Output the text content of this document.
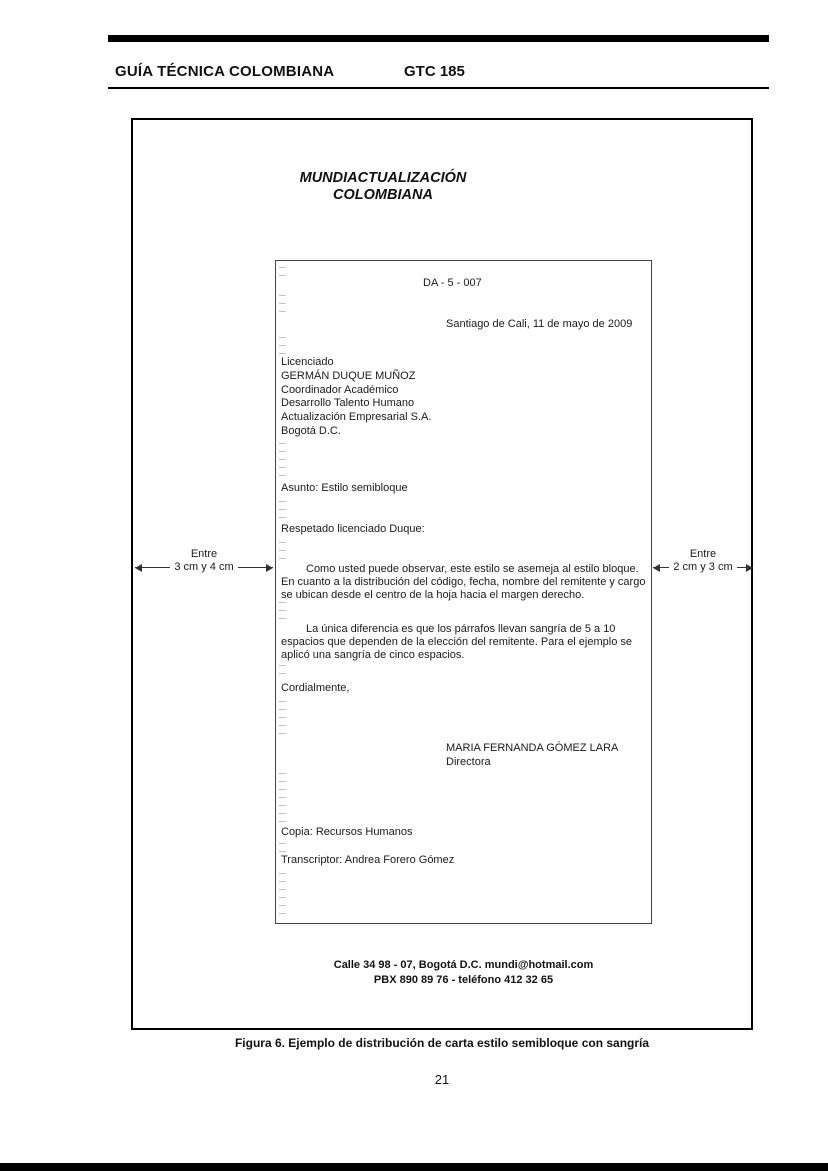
GUÍA TÉCNICA COLOMBIANA	GTC 185
MUNDIACTUALIZACIÓN
COLOMBIANA
DA - 5 - 007
Santiago de Cali, 11 de mayo de 2009
Licenciado
GERMÁN DUQUE MUÑOZ
Coordinador Académico
Desarrollo Talento Humano
Actualización Empresarial S.A.
Bogotá D.C.
Asunto: Estilo semibloque
Respetado licenciado Duque:
Como usted puede observar, este estilo se asemeja al estilo bloque. En cuanto a la distribución del código, fecha, nombre del remitente y cargo se ubican desde el centro de la hoja hacia el margen derecho.
La única diferencia es que los párrafos llevan sangría de 5 a 10 espacios que dependen de la elección del remitente. Para el ejemplo se aplicó una sangría de cinco espacios.
Cordialmente,
MARIA FERNANDA GÓMEZ LARA
Directora
Copia: Recursos Humanos
Transcriptor: Andrea Forero Gómez
Entre
3 cm y 4 cm
Entre
2 cm y 3 cm
Calle 34 98 - 07, Bogotá D.C. mundi@hotmail.com
PBX 890 89 76 - teléfono 412 32 65
Figura 6. Ejemplo de distribución de carta estilo semibloque con sangría
21
